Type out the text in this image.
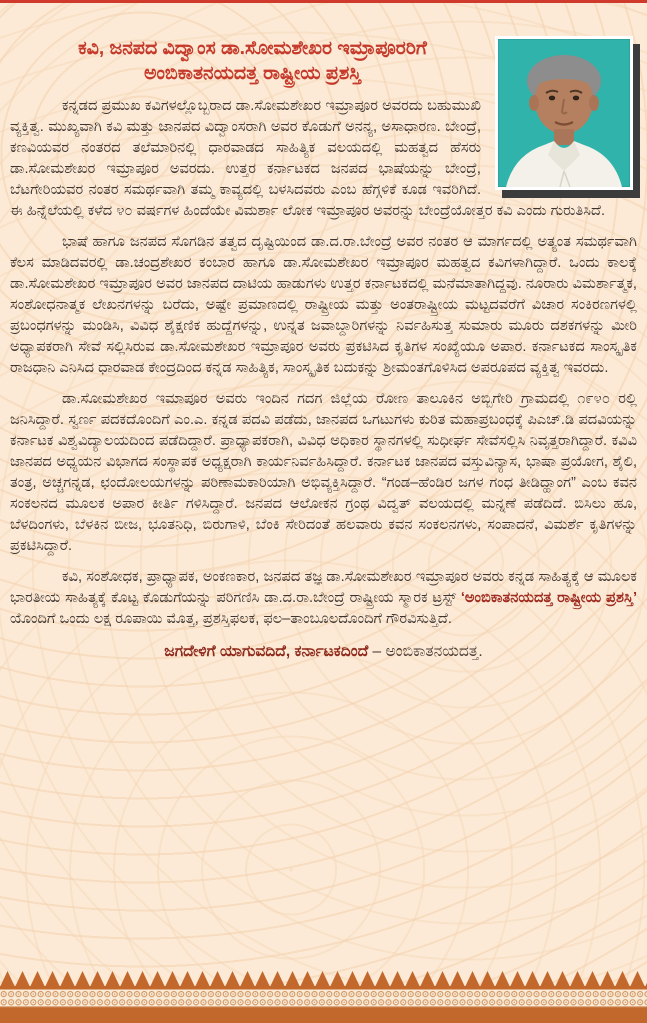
ಕವಿ, ಜನಪದ ವಿದ್ವಾಂಸ ಡಾ.ಸೋಮಶೇಖರ ಇಮ್ರಾಪೂರರಿಗೆ
ಅಂಬಿಕಾತನಯದತ್ತ ರಾಷ್ಟ್ರೀಯ ಪ್ರಶಸ್ತಿ

ಕನ್ನಡದ ಪ್ರಮುಖ ಕವಿಗಳಲ್ಲೊಬ್ಬರಾದ ಡಾ.ಸೋಮಶೇಖರ ಇಮ್ರಾಪೂರ ಅವರದು ಬಹುಮುಖಿ ವ್ಯಕ್ತಿತ್ವ. ಮುಖ್ಯವಾಗಿ ಕವಿ ಮತ್ತು ಜಾನಪದ ವಿದ್ವಾಂಸರಾಗಿ ಅವರ ಕೊಡುಗೆ ಅನನ್ಯ, ಅಸಾಧಾರಣ. ಬೇಂದ್ರೆ, ಕಣವಿಯವರ ನಂತರದ ತಲೆಮಾರಿನಲ್ಲಿ ಧಾರವಾಡದ ಸಾಹಿತ್ಯಿಕ ವಲಯದಲ್ಲಿ ಮಹತ್ವದ ಹೆಸರು ಡಾ.ಸೋಮಶೇಖರ ಇಮ್ರಾಪೂರ ಅವರದು. ಉತ್ತರ ಕರ್ನಾಟಕದ ಜನಪದ ಭಾಷೆಯನ್ನು ಬೇಂದ್ರೆ, ಬೆಟಗೇರಿಯವರ ನಂತರ ಸಮರ್ಥವಾಗಿ ತಮ್ಮ ಕಾವ್ಯದಲ್ಲಿ ಬಳಸಿದವರು ಎಂಬ ಹೆಗ್ಗಳಿಕೆ ಕೂಡ ಇವರಿಗಿದೆ. ಈ ಹಿನ್ನೆಲೆಯಲ್ಲಿ ಕಳೆದ ೪೦ ವರ್ಷಗಳ ಹಿಂದೆಯೇ ವಿಮರ್ಶಾ ಲೋಕ ಇಮ್ರಾಪೂರ ಅವರನ್ನು ಬೇಂದ್ರೆಯೋತ್ತರ ಕವಿ ಎಂದು ಗುರುತಿಸಿದೆ.

ಭಾಷೆ ಹಾಗೂ ಜನಪದ ಸೊಗಡಿನ ತತ್ವದ ದೃಷ್ಟಿಯಿಂದ ಡಾ.ದ.ರಾ.ಬೇಂದ್ರೆ ಅವರ ನಂತರ ಆ ಮಾರ್ಗದಲ್ಲಿ ಅತ್ಯಂತ ಸಮರ್ಥವಾಗಿ ಕೆಲಸ ಮಾಡಿದವರಲ್ಲಿ ಡಾ.ಚಂದ್ರಶೇಖರ ಕಂಬಾರ ಹಾಗೂ ಡಾ.ಸೋಮಶೇಖರ ಇಮ್ರಾಪೂರ ಮಹತ್ವದ ಕವಿಗಳಾಗಿದ್ದಾರೆ. ಒಂದು ಕಾಲಕ್ಕೆ ಡಾ.ಸೋಮಶೇಖರ ಇಮ್ರಾಪೂರ ಅವರ ಜಾನಪದ ದಾಟಿಯ ಹಾಡುಗಳು ಉತ್ತರ ಕರ್ನಾಟಕದಲ್ಲಿ ಮನೆಮಾತಾಗಿದ್ದವು. ನೂರಾರು ವಿಮರ್ಶಾತ್ಮಕ, ಸಂಶೋಧನಾತ್ಮಕ ಲೇಖನಗಳನ್ನು ಬರೆದು, ಅಷ್ಟೇ ಪ್ರಮಾಣದಲ್ಲಿ ರಾಷ್ಟ್ರೀಯ ಮತ್ತು ಅಂತರಾಷ್ಟ್ರೀಯ ಮಟ್ಟದವರೆಗೆ ವಿಚಾರ ಸಂಕಿರಣಗಳಲ್ಲಿ ಪ್ರಬಂಧಗಳನ್ನು ಮಂಡಿಸಿ, ವಿವಿಧ ಶೈಕ್ಷಣಿಕ ಹುದ್ದೆಗಳನ್ನು, ಉನ್ನತ ಜವಾಬ್ದಾರಿಗಳನ್ನು ನಿರ್ವಹಿಸುತ್ತ ಸುಮಾರು ಮೂರು ದಶಕಗಳನ್ನು ಮೀರಿ ಅಧ್ಯಾಪಕರಾಗಿ ಸೇವೆ ಸಲ್ಲಿಸಿರುವ ಡಾ.ಸೋಮಶೇಖರ ಇಮ್ರಾಪೂರ ಅವರು ಪ್ರಕಟಿಸಿದ ಕೃತಿಗಳ ಸಂಖ್ಯೆಯೂ ಅಪಾರ. ಕರ್ನಾಟಕದ ಸಾಂಸ್ಕೃತಿಕ ರಾಜಧಾನಿ ಎನಿಸಿದ ಧಾರವಾಡ ಕೇಂದ್ರದಿಂದ ಕನ್ನಡ ಸಾಹಿತ್ಯಿಕ, ಸಾಂಸ್ಕೃತಿಕ ಬದುಕನ್ನು ಶ್ರೀಮಂತಗೊಳಿಸಿದ ಅಪರೂಪದ ವ್ಯಕ್ತಿತ್ವ ಇವರದು.

ಡಾ.ಸೋಮಶೇಖರ ಇಮಾಪೂರ ಅವರು ಇಂದಿನ ಗದಗ ಜಿಲ್ಲೆಯ ರೋಣ ತಾಲೂಕಿನ ಅಬ್ಬಿಗೇರಿ ಗ್ರಾಮದಲ್ಲಿ ೧೯೪೦ ರಲ್ಲಿ ಜನಿಸಿದ್ದಾರೆ. ಸ್ವರ್ಣ ಪದಕದೊಂದಿಗೆ ಎಂ.ಎ. ಕನ್ನಡ ಪದವಿ ಪಡೆದು, ಜಾನಪದ ಒಗಟುಗಳು ಕುರಿತ ಮಹಾಪ್ರಬಂಧಕ್ಕೆ ಪಿಎಚ್.ಡಿ ಪದವಿಯನ್ನು ಕರ್ನಾಟಕ ವಿಶ್ವವಿದ್ಯಾಲಯದಿಂದ ಪಡೆದಿದ್ದಾರೆ. ಪ್ರಾಧ್ಯಾಪಕರಾಗಿ, ವಿವಿಧ ಅಧಿಕಾರ ಸ್ಥಾನಗಳಲ್ಲಿ ಸುಧೀರ್ಘ ಸೇವೆಸಲ್ಲಿಸಿ ನಿವೃತ್ತರಾಗಿದ್ದಾರೆ. ಕವಿವಿ ಜಾನಪದ ಅಧ್ಯಯನ ವಿಭಾಗದ ಸಂಸ್ಥಾಪಕ ಅಧ್ಯಕ್ಷರಾಗಿ ಕಾರ್ಯನಿರ್ವಹಿಸಿದ್ದಾರೆ. ಕರ್ನಾಟಕ ಜಾನಪದ ವಸ್ತುವಿನ್ಯಾಸ, ಭಾಷಾ ಪ್ರಯೋಗ, ಶೈಲಿ, ತಂತ್ರ, ಅಚ್ಚಗನ್ನಡ, ಛಂದೋಲಯಗಳನ್ನು ಪರಿಣಾಮಕಾರಿಯಾಗಿ ಅಭಿವ್ಯಕ್ತಿಸಿದ್ದಾರೆ. “ಗಂಡ–ಹೆಂಡಿರ ಜಗಳ ಗಂಧ ತೀಡಿದ್ಹಾಂಗ” ಎಂಬ ಕವನ ಸಂಕಲನದ ಮೂಲಕ ಅಪಾರ ಕೀರ್ತಿ ಗಳಿಸಿದ್ದಾರೆ. ಜನಪದ ಆಲೋಕನ ಗ್ರಂಥ ವಿದ್ವತ್ ವಲಯದಲ್ಲಿ ಮನ್ನಣೆ ಪಡೆದಿದೆ. ಬಿಸಿಲು ಹೂ, ಬೆಳದಿಂಗಳು, ಬೆಳಕಿನ ಬೀಜ, ಭೂತನಿಧಿ, ಬಿರುಗಾಳಿ, ಬೆಂಕಿ ಸೇರಿದಂತೆ ಹಲವಾರು ಕವನ ಸಂಕಲನಗಳು, ಸಂಪಾದನೆ, ವಿಮರ್ಶೆ ಕೃತಿಗಳನ್ನು ಪ್ರಕಟಿಸಿದ್ದಾರೆ.

ಕವಿ, ಸಂಶೋಧಕ, ಪ್ರಾಧ್ಯಾಪಕ, ಅಂಕಣಕಾರ, ಜನಪದ ತಜ್ಞ ಡಾ.ಸೋಮಶೇಖರ ಇಮ್ರಾಪೂರ ಅವರು ಕನ್ನಡ ಸಾಹಿತ್ಯಕ್ಕೆ ಆ ಮೂಲಕ ಭಾರತೀಯ ಸಾಹಿತ್ಯಕ್ಕೆ ಕೊಟ್ಟ ಕೊಡುಗೆಯನ್ನು ಪರಿಗಣಿಸಿ ಡಾ.ದ.ರಾ.ಬೇಂದ್ರೆ ರಾಷ್ಟ್ರೀಯ ಸ್ಮಾರಕ ಟ್ರಸ್ಟ್ ‘ಅಂಬಿಕಾತನಯದತ್ತ ರಾಷ್ಟ್ರೀಯ ಪ್ರಶಸ್ತಿ’ ಯೊಂದಿಗೆ ಒಂದು ಲಕ್ಷ ರೂಪಾಯಿ ಮೊತ್ತ, ಪ್ರಶಸ್ತಿಫಲಕ, ಫಲ–ತಾಂಬೂಲದೊಂದಿಗೆ ಗೌರವಿಸುತ್ತಿದೆ.

ಜಗದೇಳಿಗೆ ಯಾಗುವದಿದೆ, ಕರ್ನಾಟಕದಿಂದೆ – ಅಂಬಿಕಾತನಯದತ್ತ.
